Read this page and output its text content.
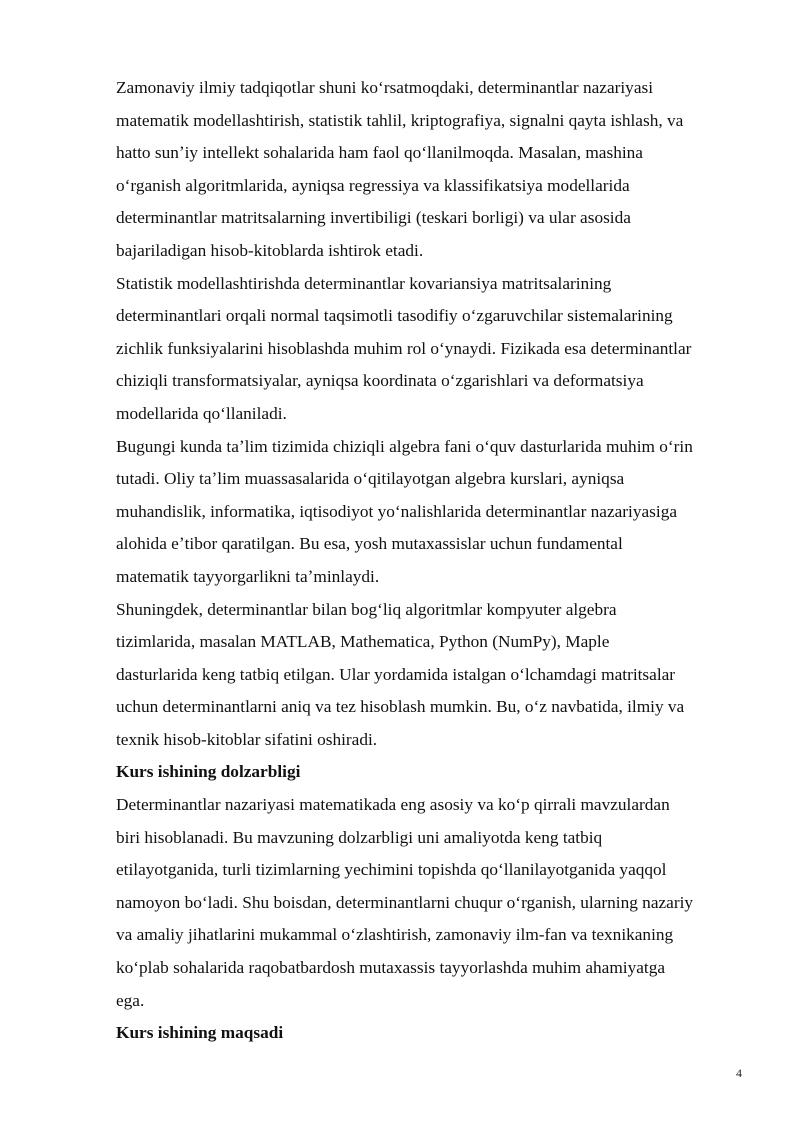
Zamonaviy ilmiy tadqiqotlar shuni koʻrsatmoqdaki, determinantlar nazariyasi
matematik modellashtirish, statistik tahlil, kriptografiya, signalni qayta ishlash, va
hatto sunʼiy intellekt sohalarida ham faol qoʻllanilmoqda. Masalan, mashina
oʻrganish algoritmlarida, ayniqsa regressiya va klassifikatsiya modellarida
determinantlar matritsalarning invertibiligi (teskari borligi) va ular asosida
bajariladigan hisob-kitoblarda ishtirok etadi.
Statistik modellashtirishda determinantlar kovariansiya matritsalarining
determinantlari orqali normal taqsimotli tasodifiy oʻzgaruvchilar sistemalarining
zichlik funksiyalarini hisoblashda muhim rol oʻynaydi. Fizikada esa determinantlar
chiziqli transformatsiyalar, ayniqsa koordinata oʻzgarishlari va deformatsiya
modellarida qoʻllaniladi.
Bugungi kunda taʼlim tizimida chiziqli algebra fani oʻquv dasturlarida muhim oʻrin
tutadi. Oliy taʼlim muassasalarida oʻqitilayotgan algebra kurslari, ayniqsa
muhandislik, informatika, iqtisodiyot yoʻnalishlarida determinantlar nazariyasiga
alohida eʼtibor qaratilgan. Bu esa, yosh mutaxassislar uchun fundamental
matematik tayyorgarlikni taʼminlaydi.
Shuningdek, determinantlar bilan bogʻliq algoritmlar kompyuter algebra
tizimlarida, masalan MATLAB, Mathematica, Python (NumPy), Maple
dasturlarida keng tatbiq etilgan. Ular yordamida istalgan oʻlchamdagi matritsalar
uchun determinantlarni aniq va tez hisoblash mumkin. Bu, oʻz navbatida, ilmiy va
texnik hisob-kitoblar sifatini oshiradi.
Kurs ishining dolzarbligi
Determinantlar nazariyasi matematikada eng asosiy va koʻp qirrali mavzulardan
biri hisoblanadi. Bu mavzuning dolzarbligi uni amaliyotda keng tatbiq
etilayotganida, turli tizimlarning yechimini topishda qoʻllanilayotganida yaqqol
namoyon boʻladi. Shu boisdan, determinantlarni chuqur oʻrganish, ularning nazariy
va amaliy jihatlarini mukammal oʻzlashtirish, zamonaviy ilm-fan va texnikaning
koʻplab sohalarida raqobatbardosh mutaxassis tayyorlashda muhim ahamiyatga
ega.
Kurs ishining maqsadi
4
